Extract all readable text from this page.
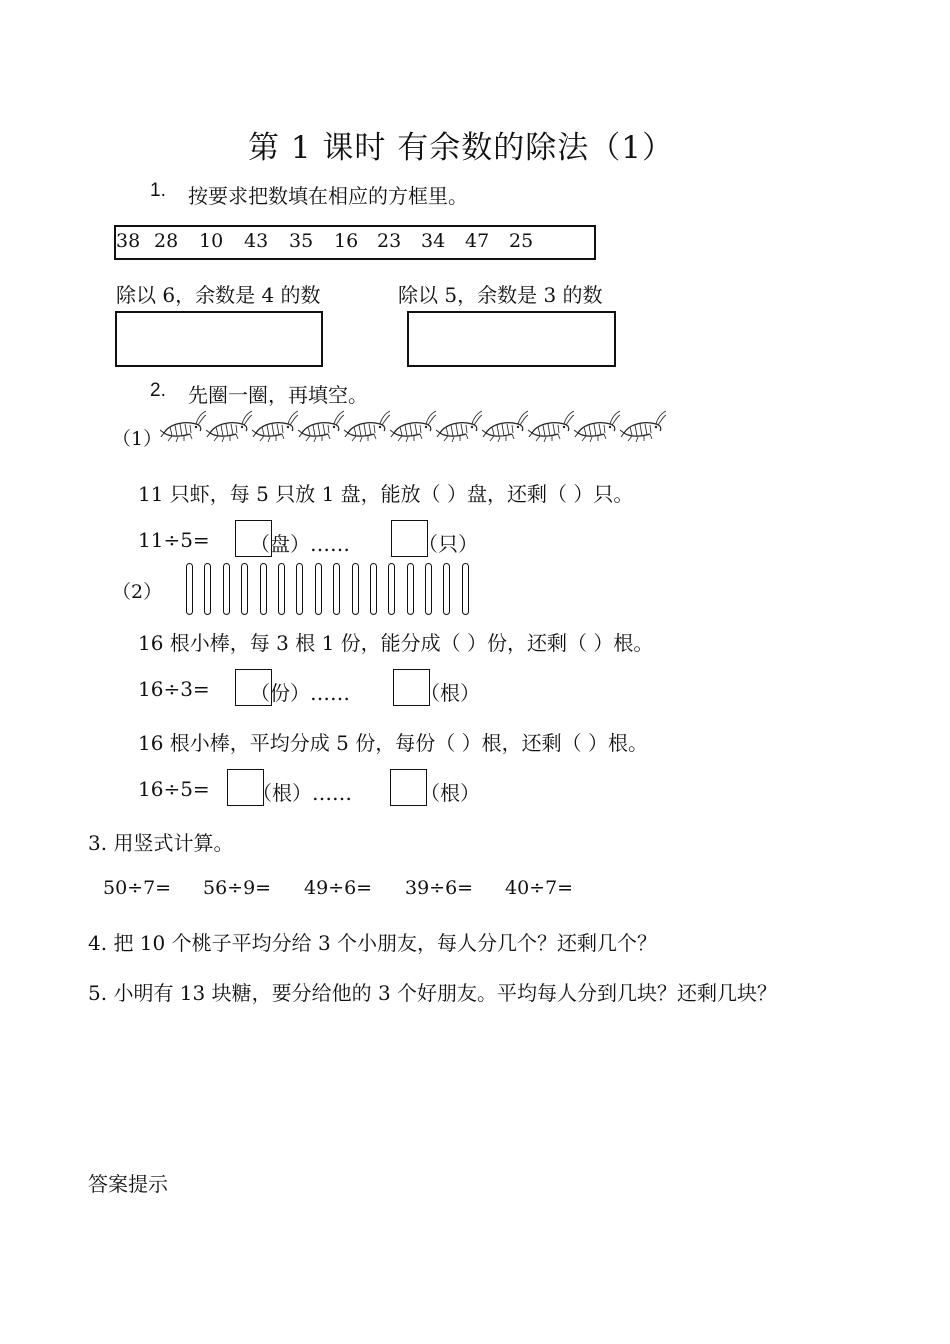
第 1 课时 有余数的除法（1）
1. 按要求把数填在相应的方框里。
38 28 10 43 35 16 23 34 47 25
除以 6，余数是 4 的数	除以 5，余数是 3 的数
2. 先圈一圈，再填空。
（1）
11 只虾，每 5 只放 1 盘，能放（ ）盘，还剩（ ）只。
11÷5= （盘）……	（只）
（2）
16 根小棒，每 3 根 1 份，能分成（ ）份，还剩（ ）根。
16÷3= （份）……	（根）
16 根小棒，平均分成 5 份，每份（ ）根，还剩（ ）根。
16÷5= （根）……	（根）
3. 用竖式计算。
50÷7= 56÷9= 49÷6= 39÷6= 40÷7=
4. 把 10 个桃子平均分给 3 个小朋友，每人分几个？还剩几个？
5. 小明有 13 块糖，要分给他的 3 个好朋友。平均每人分到几块？还剩几块？
答案提示
